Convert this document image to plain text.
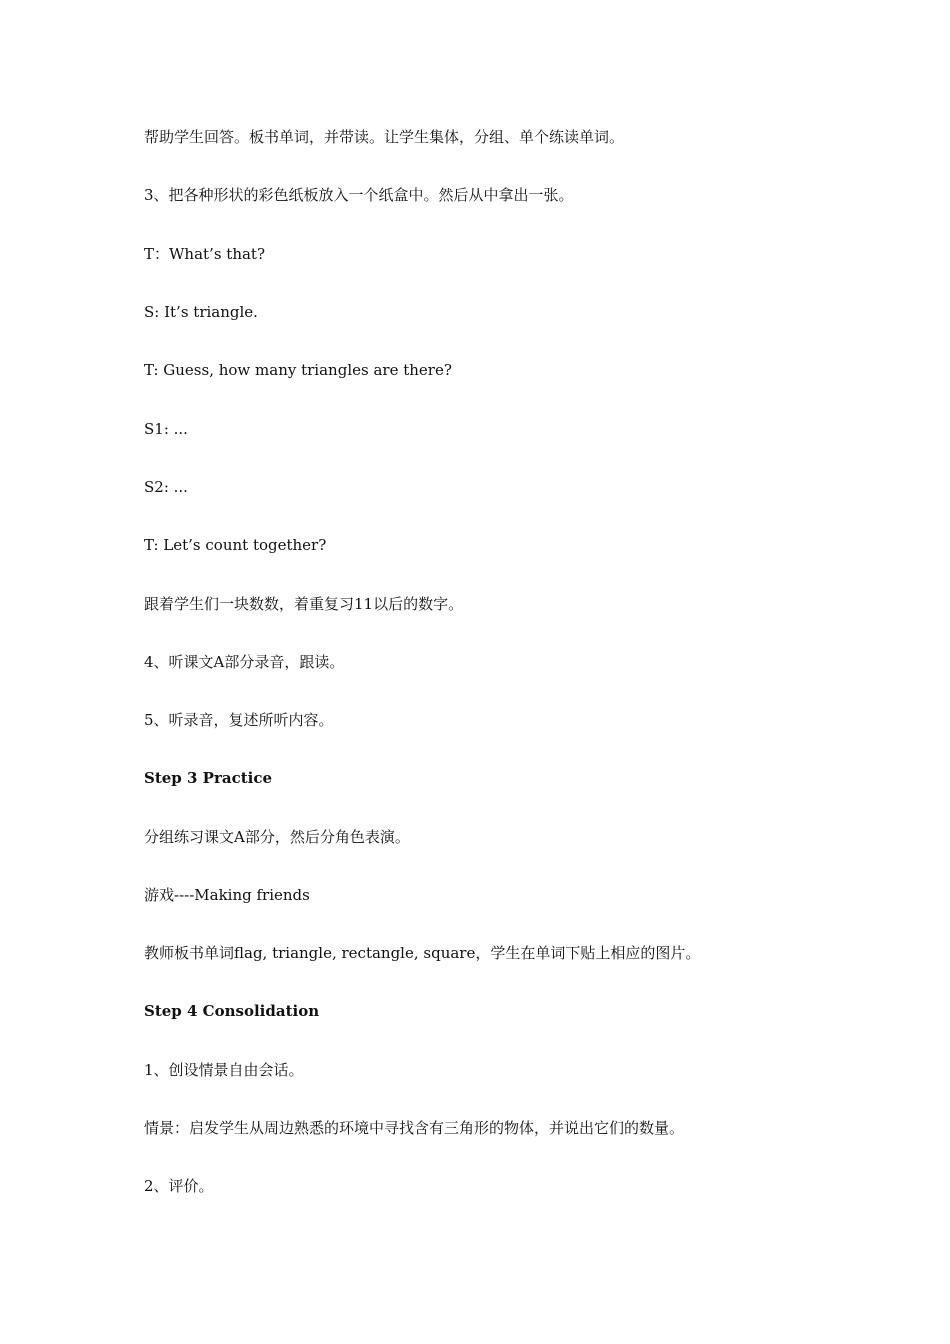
帮助学生回答。板书单词，并带读。让学生集体，分组、单个练读单词。

3、把各种形状的彩色纸板放入一个纸盒中。然后从中拿出一张。

T：What’s that?

S: It’s triangle.

T: Guess, how many triangles are there?

S1: ...

S2: ...

T: Let’s count together?

跟着学生们一块数数，着重复习11以后的数字。

4、听课文A部分录音，跟读。

5、听录音，复述所听内容。

Step 3 Practice

分组练习课文A部分，然后分角色表演。

游戏----Making friends

教师板书单词flag, triangle, rectangle, square，学生在单词下贴上相应的图片。

Step 4 Consolidation

1、创设情景自由会话。

情景：启发学生从周边熟悉的环境中寻找含有三角形的物体，并说出它们的数量。

2、评价。
